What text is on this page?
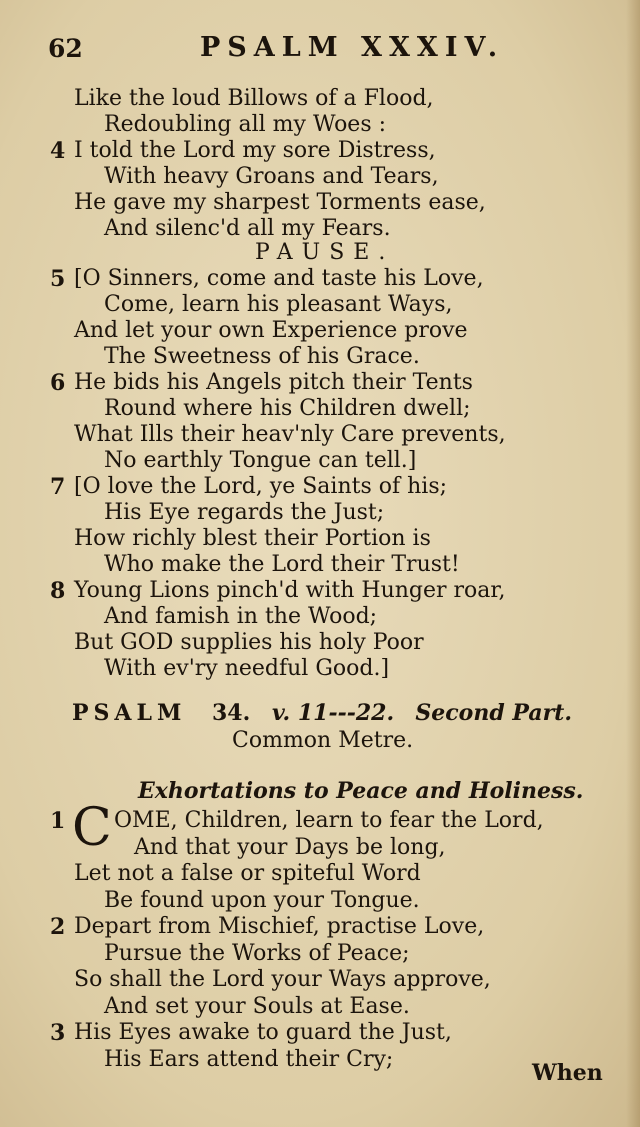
62	PSALM XXXIV.
Like the loud Billows of a Flood,
Redoubling all my Woes :
4 I told the Lord my sore Distress,
With heavy Groans and Tears,
He gave my sharpest Torments ease,
And silenc'd all my Fears.
PAUSE.
5 [O Sinners, come and taste his Love,
Come, learn his pleasant Ways,
And let your own Experience prove
The Sweetness of his Grace.
6 He bids his Angels pitch their Tents
Round where his Children dwell;
What Ills their heav'nly Care prevents,
No earthly Tongue can tell.]
7 [O love the Lord, ye Saints of his;
His Eye regards the Just;
How richly blest their Portion is
Who make the Lord their Trust!
8 Young Lions pinch'd with Hunger roar,
And famish in the Wood;
But GOD supplies his holy Poor
With ev'ry needful Good.]
PSALM 34. v. 11---22. Second Part.
Common Metre.
Exhortations to Peace and Holiness.
C
1 OME, Children, learn to fear the Lord,
And that your Days be long,
Let not a false or spiteful Word
Be found upon your Tongue.
2 Depart from Mischief, practise Love,
Pursue the Works of Peace;
So shall the Lord your Ways approve,
And set your Souls at Ease.
3 His Eyes awake to guard the Just,
His Ears attend their Cry;
When
